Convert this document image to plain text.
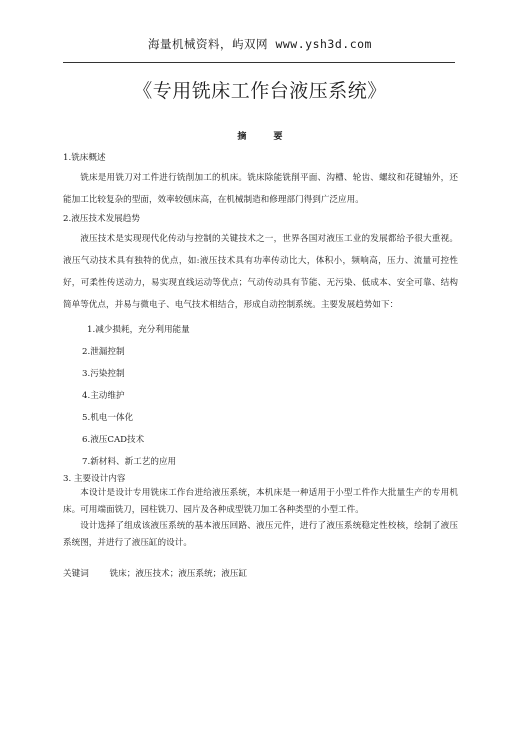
海量机械资料，屿双网 www.ysh3d.com
《专用铣床工作台液压系统》
摘 要

1.铣床概述

铣床是用铣刀对工件进行铣削加工的机床。铣床除能铣削平面、沟槽、轮齿、螺纹和花键轴外，还能加工比较复杂的型面，效率较刨床高，在机械制造和修理部门得到广泛应用。

2.液压技术发展趋势

液压技术是实现现代化传动与控制的关键技术之一，世界各国对液压工业的发展都给予很大重视。液压气动技术具有独特的优点，如:液压技术具有功率传动比大，体积小，频响高，压力、流量可控性好，可柔性传送动力，易实现直线运动等优点；气动传动具有节能、无污染、低成本、安全可靠、结构简单等优点，并易与微电子、电气技术相结合，形成自动控制系统。主要发展趋势如下：

1.减少损耗，充分利用能量
2.泄漏控制
3.污染控制
4.主动维护
5.机电一体化
6.液压CAD技术
7.新材料、新工艺的应用

3. 主要设计内容

本设计是设计专用铣床工作台进给液压系统，本机床是一种适用于小型工件作大批量生产的专用机床。可用端面铣刀，园柱铣刀、园片及各种成型铣刀加工各种类型的小型工件。

设计选择了组成该液压系统的基本液压回路、液压元件，进行了液压系统稳定性校核，绘制了液压系统图，并进行了液压缸的设计。

关键词 铣床；液压技术；液压系统；液压缸
